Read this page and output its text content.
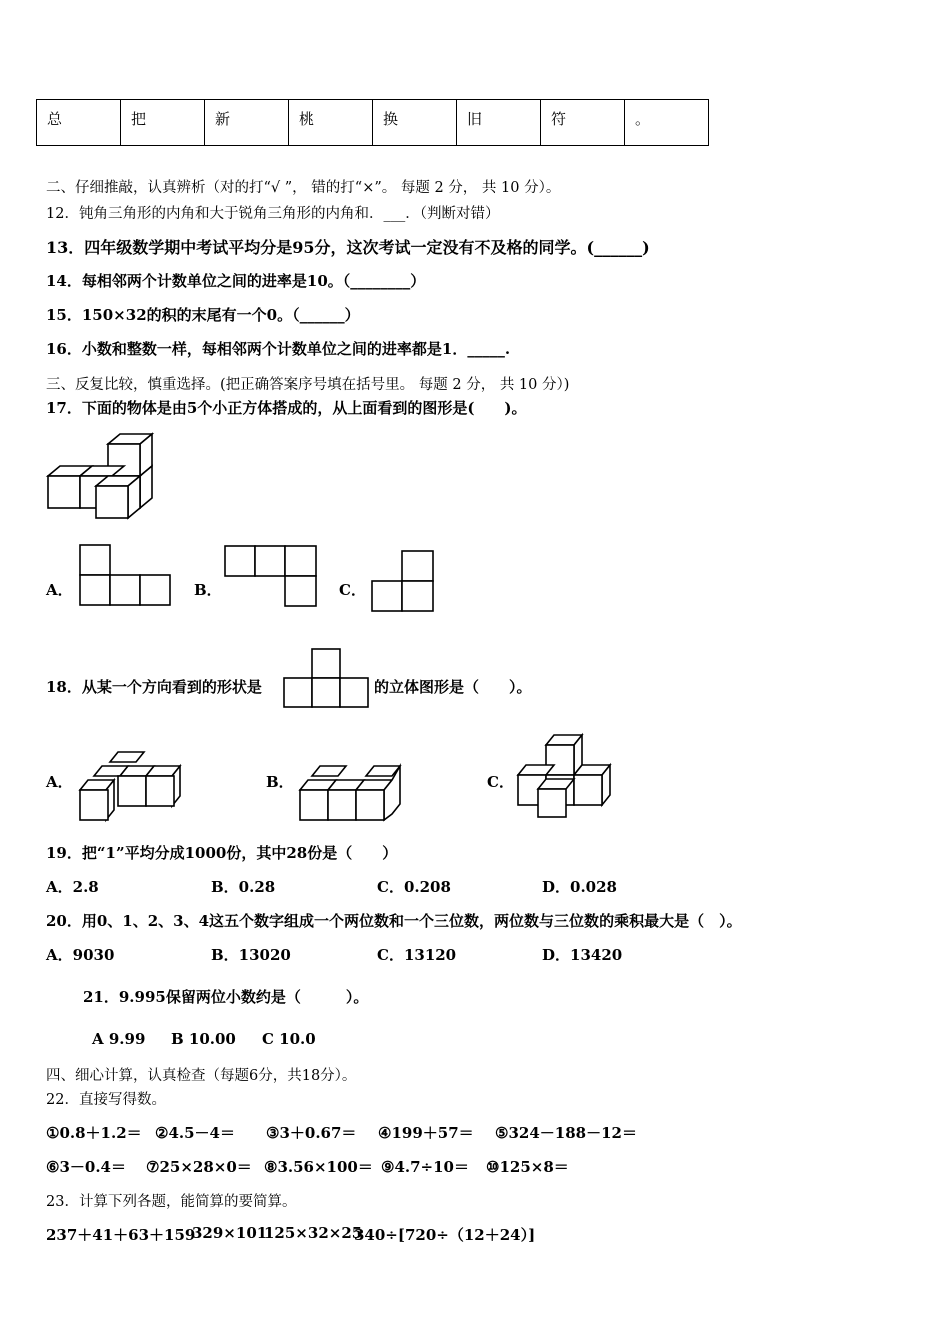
总	把	新	桃	换	旧	符	。
二、仔细推敲，认真辨析（对的打“√ ”， 错的打“×”。 每题 2 分， 共 10 分）。
12．钝角三角形的内角和大于锐角三角形的内角和．___．（判断对错）
13．四年级数学期中考试平均分是95分，这次考试一定没有不及格的同学。(______)
14．每相邻两个计数单位之间的进率是10。（________）
15．150×32的积的末尾有一个0。（______）
16．小数和整数一样，每相邻两个计数单位之间的进率都是1．_____.
三、反复比较，慎重选择。(把正确答案序号填在括号里。 每题 2 分， 共 10 分）)
17．下面的物体是由5个小正方体搭成的，从上面看到的图形是(　　)。
A．	B．	C．
18．从某一个方向看到的形状是	的立体图形是（　　）。
A．	B．	C．
19．把“1”平均分成1000份，其中28份是（　　）
A．2.8	B．0.28	C．0.208	D．0.028
20．用0、1、2、3、4这五个数字组成一个两位数和一个三位数，两位数与三位数的乘积最大是（　）。
A．9030	B．13020	C．13120	D．13420
21．9.995保留两位小数约是（　　　）。
A 9.99 B 10.00 C 10.0
四、细心计算，认真检查（每题6分，共18分）。
22．直接写得数。
①0.8＋1.2＝ ②4.5－4＝ ③3＋0.67＝ ④199＋57＝ ⑤324－188－12＝
⑥3－0.4＝ ⑦25×28×0＝ ⑧3.56×100＝ ⑨4.7÷10＝ ⑩125×8＝
23．计算下列各题，能简算的要简算。
237＋41＋63＋159
329×101
125×32×25
340÷[720÷（12＋24）]
